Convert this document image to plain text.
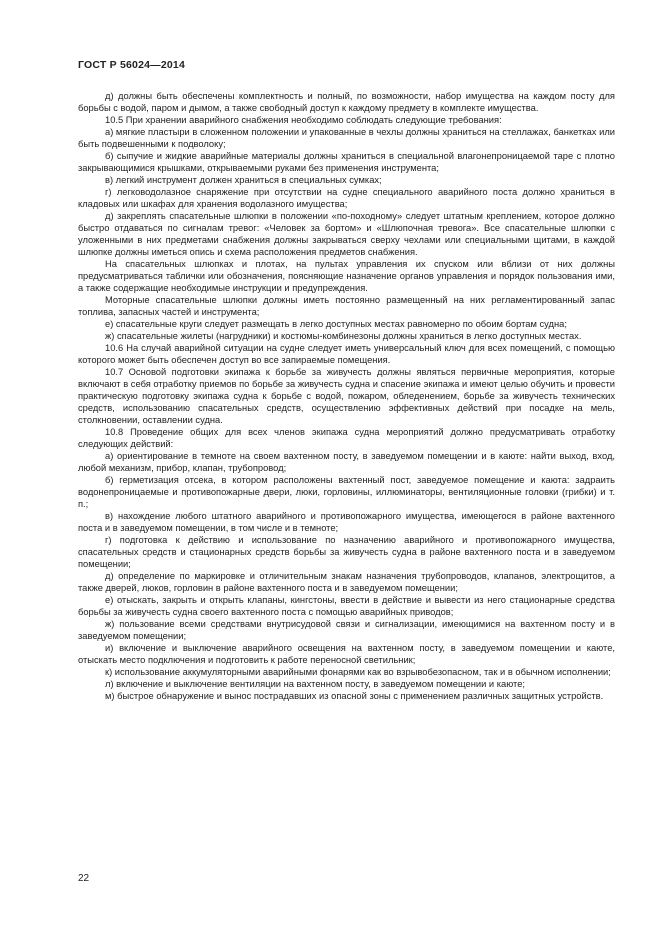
ГОСТ Р 56024—2014

д) должны быть обеспечены комплектность и полный, по возможности, набор имущества на каждом посту для борьбы с водой, паром и дымом, а также свободный доступ к каждому предмету в комплекте имущества.

10.5 При хранении аварийного снабжения необходимо соблюдать следующие требования:

а) мягкие пластыри в сложенном положении и упакованные в чехлы должны храниться на стеллажах, банкетках или быть подвешенными к подволоку;

б) сыпучие и жидкие аварийные материалы должны храниться в специальной влагонепроницаемой таре с плотно закрывающимися крышками, открываемыми руками без применения инструмента;

в) легкий инструмент должен храниться в специальных сумках;

г) легководолазное снаряжение при отсутствии на судне специального аварийного поста должно храниться в кладовых или шкафах для хранения водолазного имущества;

д) закреплять спасательные шлюпки в положении «по-походному» следует штатным креплением, которое должно быстро отдаваться по сигналам тревог: «Человек за бортом» и «Шлюпочная тревога». Все спасательные шлюпки с уложенными в них предметами снабжения должны закрываться сверху чехлами или специальными щитами, в каждой шлюпке должны иметься опись и схема расположения предметов снабжения.

На спасательных шлюпках и плотах, на пультах управления их спуском или вблизи от них должны предусматриваться таблички или обозначения, поясняющие назначение органов управления и порядок пользования ими, а также содержащие необходимые инструкции и предупреждения.

Моторные спасательные шлюпки должны иметь постоянно размещенный на них регламентированный запас топлива, запасных частей и инструмента;

е) спасательные круги следует размещать в легко доступных местах равномерно по обоим бортам судна;

ж) спасательные жилеты (нагрудники) и костюмы-комбинезоны должны храниться в легко доступных местах.

10.6 На случай аварийной ситуации на судне следует иметь универсальный ключ для всех помещений, с помощью которого может быть обеспечен доступ во все запираемые помещения.

10.7 Основой подготовки экипажа к борьбе за живучесть должны являться первичные мероприятия, которые включают в себя отработку приемов по борьбе за живучесть судна и спасение экипажа и имеют целью обучить и провести практическую подготовку экипажа судна к борьбе с водой, пожаром, обледенением, борьбе за живучесть технических средств, использованию спасательных средств, осуществлению эффективных действий при посадке на мель, столкновении, оставлении судна.

10.8 Проведение общих для всех членов экипажа судна мероприятий должно предусматривать отработку следующих действий:

а) ориентирование в темноте на своем вахтенном посту, в заведуемом помещении и в каюте: найти выход, вход, любой механизм, прибор, клапан, трубопровод;

б) герметизация отсека, в котором расположены вахтенный пост, заведуемое помещение и каюта: задраить водонепроницаемые и противопожарные двери, люки, горловины, иллюминаторы, вентиляционные головки (грибки) и т. п.;

в) нахождение любого штатного аварийного и противопожарного имущества, имеющегося в районе вахтенного поста и в заведуемом помещении, в том числе и в темноте;

г) подготовка к действию и использование по назначению аварийного и противопожарного имущества, спасательных средств и стационарных средств борьбы за живучесть судна в районе вахтенного поста и в заведуемом помещении;

д) определение по маркировке и отличительным знакам назначения трубопроводов, клапанов, электрощитов, а также дверей, люков, горловин в районе вахтенного поста и в заведуемом помещении;

е) отыскать, закрыть и открыть клапаны, кингстоны, ввести в действие и вывести из него стационарные средства борьбы за живучесть судна своего вахтенного поста с помощью аварийных приводов;

ж) пользование всеми средствами внутрисудовой связи и сигнализации, имеющимися на вахтенном посту и в заведуемом помещении;

и) включение и выключение аварийного освещения на вахтенном посту, в заведуемом помещении и каюте, отыскать место подключения и подготовить к работе переносной светильник;

к) использование аккумуляторными аварийными фонарями как во взрывобезопасном, так и в обычном исполнении;

л) включение и выключение вентиляции на вахтенном посту, в заведуемом помещении и каюте;

м) быстрое обнаружение и вынос пострадавших из опасной зоны с применением различных защитных устройств.

22
